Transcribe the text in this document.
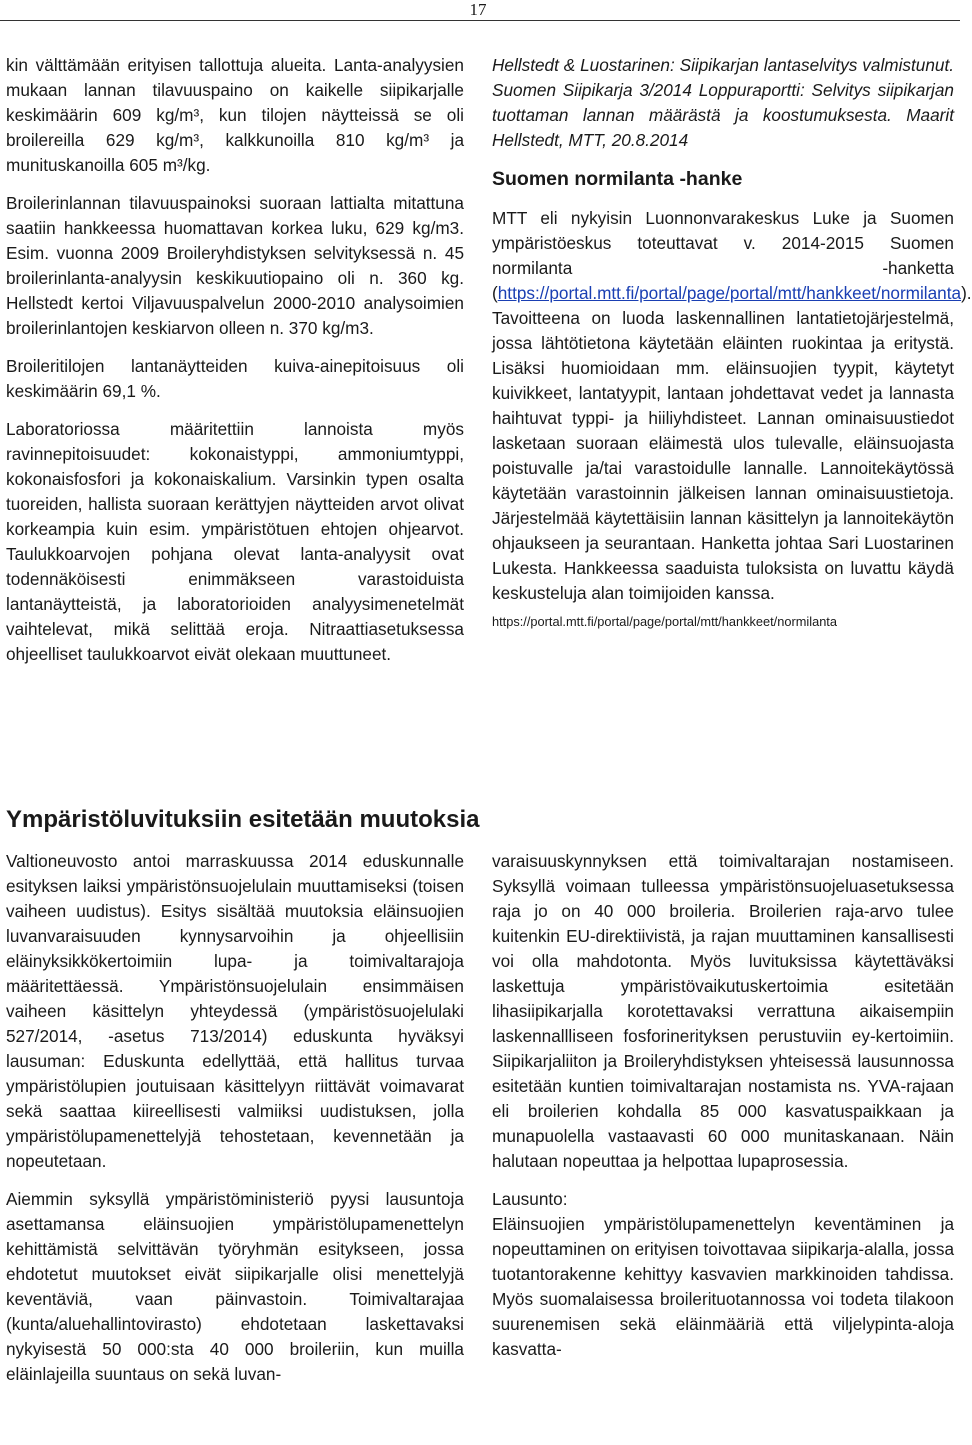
17

kin välttämään erityisen tallottuja alueita. Lanta-analyysien mukaan lannan tilavuuspaino on kaikelle siipikarjalle keskimäärin 609 kg/m³, kun tilojen näytteissä se oli broilereilla 629 kg/m³, kalkkunoilla 810 kg/m³ ja munituskanoilla 605 m³/kg.

Broilerinlannan tilavuuspainoksi suoraan lattialta mitattuna saatiin hankkeessa huomattavan korkea luku, 629 kg/m3. Esim. vuonna 2009 Broileryhdistyksen selvityksessä n. 45 broilerinlanta-analyysin keskikuutiopaino oli n. 360 kg. Hellstedt kertoi Viljavuuspalvelun 2000-2010 analysoimien broilerinlantojen keskiarvon olleen n. 370 kg/m3.

Broileritilojen lantanäytteiden kuiva-ainepitoisuus oli keskimäärin 69,1 %.

Laboratoriossa määritettiin lannoista myös ravinnepitoisuudet: kokonaistyppi, ammoniumtyppi, kokonaisfosfori ja kokonaiskalium. Varsinkin typen osalta tuoreiden, hallista suoraan kerättyjen näytteiden arvot olivat korkeampia kuin esim. ympäristötuen ehtojen ohjearvot. Taulukkoarvojen pohjana olevat lanta-analyysit ovat todennäköisesti enimmäkseen varastoiduista lantanäytteistä, ja laboratorioiden analyysimenetelmät vaihtelevat, mikä selittää eroja. Nitraattiasetuksessa ohjeelliset taulukkoarvot eivät olekaan muuttuneet.

Hellstedt & Luostarinen: Siipikarjan lantaselvitys valmistunut. Suomen Siipikarja 3/2014 Loppuraportti: Selvitys siipikarjan tuottaman lannan määrästä ja koostumuksesta. Maarit Hellstedt, MTT, 20.8.2014

Suomen normilanta -hanke

MTT eli nykyisin Luonnonvarakeskus Luke ja Suomen ympäristöeskus toteuttavat v. 2014-2015 Suomen normilanta -hanketta (https://portal.mtt.fi/portal/page/portal/mtt/hankkeet/normilanta). Tavoitteena on luoda laskennallinen lantatietojärjestelmä, jossa lähtötietona käytetään eläinten ruokintaa ja eritystä. Lisäksi huomioidaan mm. eläinsuojien tyypit, käytetyt kuivikkeet, lantatyypit, lantaan johdettavat vedet ja lannasta haihtuvat typpi- ja hiiliyhdisteet. Lannan ominaisuustiedot lasketaan suoraan eläimestä ulos tulevalle, eläinsuojasta poistuvalle ja/tai varastoidulle lannalle. Lannoitekäytössä käytetään varastoinnin jälkeisen lannan ominaisuustietoja. Järjestelmää käytettäisiin lannan käsittelyn ja lannoitekäytön ohjaukseen ja seurantaan. Hanketta johtaa Sari Luostarinen Lukesta. Hankkeessa saaduista tuloksista on luvattu käydä keskusteluja alan toimijoiden kanssa.

https://portal.mtt.fi/portal/page/portal/mtt/hankkeet/normilanta

Ympäristöluvituksiin esitetään muutoksia

Valtioneuvosto antoi marraskuussa 2014 eduskunnalle esityksen laiksi ympäristönsuojelulain muuttamiseksi (toisen vaiheen uudistus). Esitys sisältää muutoksia eläinsuojien luvanvaraisuuden kynnysarvoihin ja ohjeellisiin eläinyksikkökertoimiin lupa- ja toimivaltarajoja määritettäessä. Ympäristönsuojelulain ensimmäisen vaiheen käsittelyn yhteydessä (ympäristösuojelulaki 527/2014, -asetus 713/2014) eduskunta hyväksyi lausuman: Eduskunta edellyttää, että hallitus turvaa ympäristölupien joutuisaan käsittelyyn riittävät voimavarat sekä saattaa kiireellisesti valmiiksi uudistuksen, jolla ympäristölupamenettelyjä tehostetaan, kevennetään ja nopeutetaan.

Aiemmin syksyllä ympäristöministeriö pyysi lausuntoja asettamansa eläinsuojien ympäristölupamenettelyn kehittämistä selvittävän työryhmän esitykseen, jossa ehdotetut muutokset eivät siipikarjalle olisi menettelyjä keventäviä, vaan päinvastoin. Toimivaltarajaa (kunta/aluehallintovirasto) ehdotetaan laskettavaksi nykyisestä 50 000:sta 40 000 broileriin, kun muilla eläinlajeilla suuntaus on sekä luvan-

varaisuuskynnyksen että toimivaltarajan nostamiseen. Syksyllä voimaan tulleessa ympäristönsuojeluasetuksessa raja jo on 40 000 broileria. Broilerien raja-arvo tulee kuitenkin EU-direktiivistä, ja rajan muuttaminen kansallisesti voi olla mahdotonta. Myös luvituksissa käytettäväksi laskettuja ympäristövaikutuskertoimia esitetään lihasiipikarjalla korotettavaksi verrattuna aikaisempiin laskennallliseen fosforinerityksen perustuviin ey-kertoimiin. Siipikarjaliiton ja Broileryhdistyksen yhteisessä lausunnossa esitetään kuntien toimivaltarajan nostamista ns. YVA-rajaan eli broilerien kohdalla 85 000 kasvatuspaikkaan ja munapuolella vastaavasti 60 000 munitaskanaan. Näin halutaan nopeuttaa ja helpottaa lupaprosessia.

Lausunto:

Eläinsuojien ympäristölupamenettelyn keventäminen ja nopeuttaminen on erityisen toivottavaa siipikarja-alalla, jossa tuotantorakenne kehittyy kasvavien markkinoiden tahdissa. Myös suomalaisessa broilerituotannossa voi todeta tilakoon suurenemisen sekä eläinmääriä että viljelypinta-aloja kasvatta-
